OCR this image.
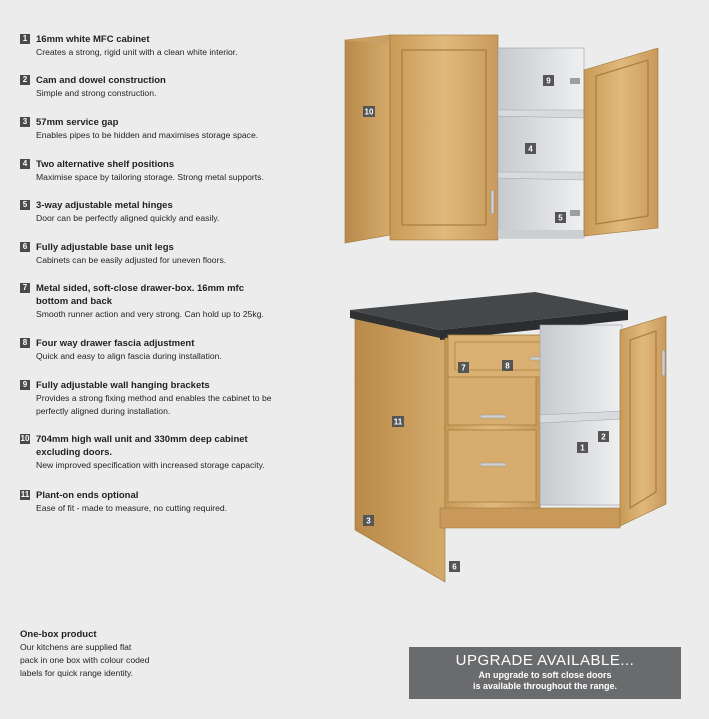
1 16mm white MFC cabinet
Creates a strong, rigid unit with a clean white interior.
2 Cam and dowel construction
Simple and strong construction.
3 57mm service gap
Enables pipes to be hidden and maximises storage space.
4 Two alternative shelf positions
Maximise space by tailoring storage. Strong metal supports.
5 3-way adjustable metal hinges
Door can be perfectly aligned quickly and easily.
6 Fully adjustable base unit legs
Cabinets can be easily adjusted for uneven floors.
7 Metal sided, soft-close drawer-box. 16mm mfc bottom and back
Smooth runner action and very strong. Can hold up to 25kg.
8 Four way drawer fascia adjustment
Quick and easy to align fascia during installation.
9 Fully adjustable wall hanging brackets
Provides a strong fixing method and enables the cabinet to be perfectly aligned during installation.
10 704mm high wall unit and 330mm deep cabinet excluding doors.
New improved specification with increased storage capacity.
11 Plant-on ends optional
Ease of fit - made to measure, no cutting required.
One-box product
Our kitchens are supplied flat pack in one box with colour coded labels for quick range identity.
UPGRADE AVAILABLE...
An upgrade to soft close doors
is available throughout the range.
10
9
4
5
11
3
6
7	8
2
1
